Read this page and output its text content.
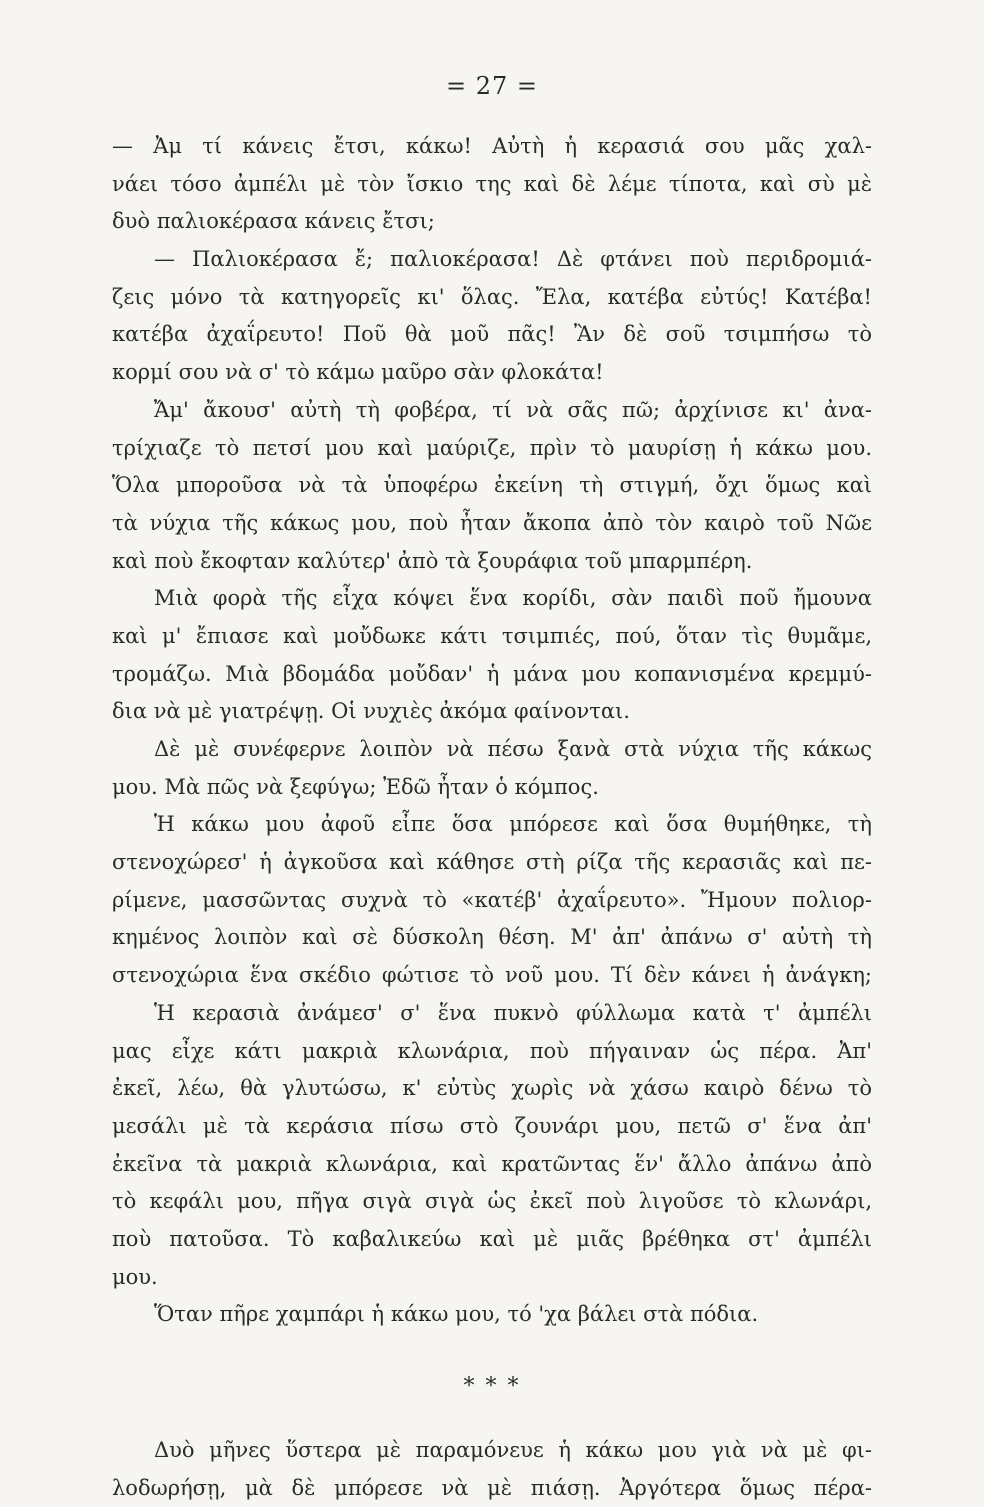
= 27 =
— Ἀμ τί κάνεις ἔτσι, κάκω! Αὐτὴ ἡ κερασιά σου μᾶς χαλ-
νάει τόσο ἀμπέλι μὲ τὸν ἴσκιο της καὶ δὲ λέμε τίποτα, καὶ σὺ μὲ
δυὸ παλιοκέρασα κάνεις ἔτσι;
— Παλιοκέρασα ἔ; παλιοκέρασα! Δὲ φτάνει ποὺ περιδρομιά-
ζεις μόνο τὰ κατηγορεῖς κι' ὅλας. Ἔλα, κατέβα εὐτύς! Κατέβα!
κατέβα ἀχαΐρευτο! Ποῦ θὰ μοῦ πᾶς! Ἂν δὲ σοῦ τσιμπήσω τὸ
κορμί σου νὰ σ' τὸ κάμω μαῦρο σὰν φλοκάτα!
Ἄμ' ἄκουσ' αὐτὴ τὴ φοβέρα, τί νὰ σᾶς πῶ; ἀρχίνισε κι' ἀνα-
τρίχιαζε τὸ πετσί μου καὶ μαύριζε, πρὶν τὸ μαυρίσῃ ἡ κάκω μου.
Ὅλα μποροῦσα νὰ τὰ ὑποφέρω ἐκείνη τὴ στιγμή, ὄχι ὅμως καὶ
τὰ νύχια τῆς κάκως μου, ποὺ ἦταν ἄκοπα ἀπὸ τὸν καιρὸ τοῦ Νῶε
καὶ ποὺ ἔκοφταν καλύτερ' ἀπὸ τὰ ξουράφια τοῦ μπαρμπέρη.
Μιὰ φορὰ τῆς εἶχα κόψει ἕνα κορίδι, σὰν παιδὶ ποῦ ἤμουνα
καὶ μ' ἔπιασε καὶ μοὔδωκε κάτι τσιμπιές, πού, ὅταν τὶς θυμᾶμε,
τρομάζω. Μιὰ βδομάδα μοὔδαν' ἡ μάνα μου κοπανισμένα κρεμμύ-
δια νὰ μὲ γιατρέψῃ. Οἱ νυχιὲς ἀκόμα φαίνονται.
Δὲ μὲ συνέφερνε λοιπὸν νὰ πέσω ξανὰ στὰ νύχια τῆς κάκως
μου. Μὰ πῶς νὰ ξεφύγω; Ἐδῶ ἦταν ὁ κόμπος.
Ἡ κάκω μου ἀφοῦ εἶπε ὅσα μπόρεσε καὶ ὅσα θυμήθηκε, τὴ
στενοχώρεσ' ἡ ἀγκοῦσα καὶ κάθησε στὴ ρίζα τῆς κερασιᾶς καὶ πε-
ρίμενε, μασσῶντας συχνὰ τὸ «κατέβ' ἀχαΐρευτο». Ἤμουν πολιορ-
κημένος λοιπὸν καὶ σὲ δύσκολη θέση. Μ' ἀπ' ἀπάνω σ' αὐτὴ τὴ
στενοχώρια ἕνα σκέδιο φώτισε τὸ νοῦ μου. Τί δὲν κάνει ἡ ἀνάγκη;
Ἡ κερασιὰ ἀνάμεσ' σ' ἕνα πυκνὸ φύλλωμα κατὰ τ' ἀμπέλι
μας εἶχε κάτι μακριὰ κλωνάρια, ποὺ πήγαιναν ὡς πέρα. Ἀπ'
ἐκεῖ, λέω, θὰ γλυτώσω, κ' εὐτὺς χωρὶς νὰ χάσω καιρὸ δένω τὸ
μεσάλι μὲ τὰ κεράσια πίσω στὸ ζουνάρι μου, πετῶ σ' ἕνα ἀπ'
ἐκεῖνα τὰ μακριὰ κλωνάρια, καὶ κρατῶντας ἕν' ἄλλο ἀπάνω ἀπὸ
τὸ κεφάλι μου, πῆγα σιγὰ σιγὰ ὡς ἐκεῖ ποὺ λιγοῦσε τὸ κλωνάρι,
ποὺ πατοῦσα. Τὸ καβαλικεύω καὶ μὲ μιᾶς βρέθηκα στ' ἀμπέλι
μου.
Ὅταν πῆρε χαμπάρι ἡ κάκω μου, τό 'χα βάλει στὰ πόδια.
* * *
Δυὸ μῆνες ὕστερα μὲ παραμόνευε ἡ κάκω μου γιὰ νὰ μὲ φι-
λοδωρήσῃ, μὰ δὲ μπόρεσε νὰ μὲ πιάσῃ. Ἀργότερα ὅμως πέρα-
